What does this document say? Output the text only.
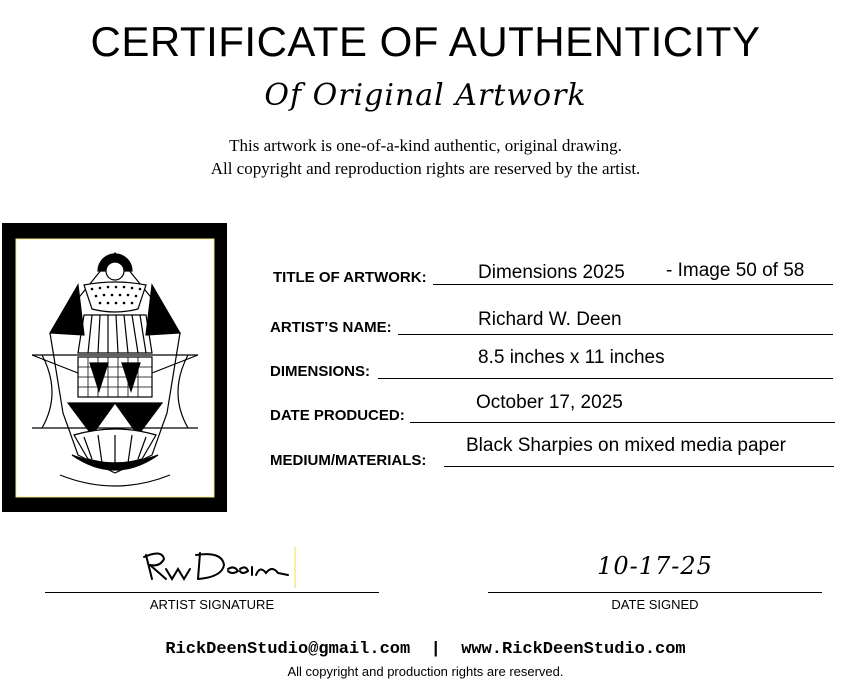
CERTIFICATE OF AUTHENTICITY
Of Original Artwork
This artwork is one-of-a-kind authentic, original drawing.
All copyright and reproduction rights are reserved by the artist.
TITLE OF ARTWORK:	Dimensions 2025 - Image 50 of 58
ARTIST’S NAME:	Richard W. Deen
DIMENSIONS:
8.5 inches x 11 inches
DATE PRODUCED:
October 17, 2025
MEDIUM/MATERIALS:
Black Sharpies on mixed media paper
ARTIST SIGNATURE
10-17-25
DATE SIGNED
RickDeenStudio@gmail.com  |  www.RickDeenStudio.com
All copyright and production rights are reserved.
